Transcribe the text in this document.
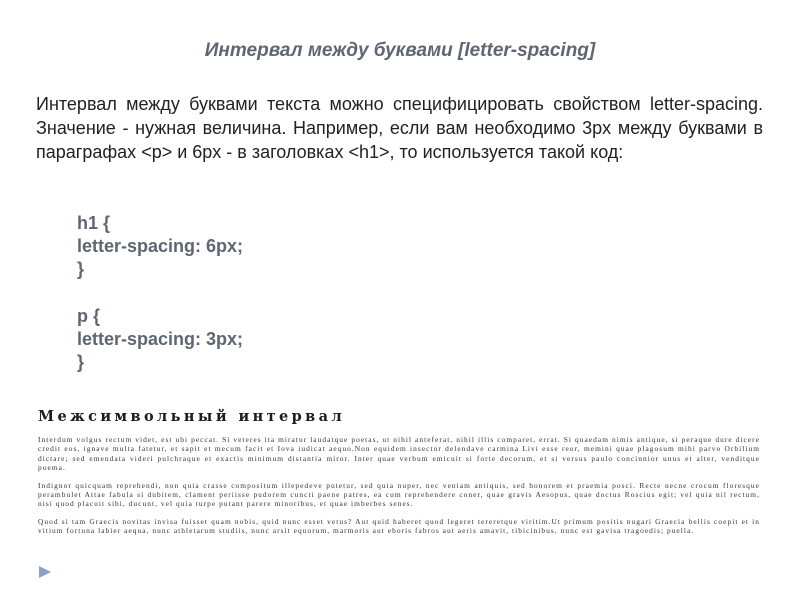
Интервал между буквами [letter-spacing]

Интервал между буквами текста можно специфицировать свойством letter-spacing. Значение - нужная величина. Например, если вам необходимо 3px между буквами в параграфах <p> и 6px - в заголовках <h1>, то используется такой код:

h1 {
letter-spacing: 6px;
}
p {
letter-spacing: 3px;
}
Межсимвольный интервал

Interdum volgus rectum videt, est ubi peccat. Si veteres ita miratur laudatque poetas, ut nihil anteferat, nihil illis comparet, errat. Si quaedam nimis antique, si peraque dure dicere credit eos, ignave multa fatetur, et sapit et mecum facit et Iova iudicat aequo.Non equidem insector delendave carmina Livi esse reor, memini quae plagosum mihi parvo Orbilium dictare; sed emendata videri pulchraque et exactis minimum distantia miror. Inter quae verbum emicuit si forte decorum, et si versus paulo concinnior unus et alter, venditque poema.

Indignor quicquam reprehendi, non quia crasse compositum illepedeve putetur, sed quia nuper, nec veniam antiquis, sed honorem et praemia posci. Recte necne crocum floresque perambulet Attae fabula si dubitem, clament periisse pudorem cuncti paene patres, ea cum reprehendere coner, quae gravis Aesopus, quae doctus Roscius egit; vel quia nil rectum, nisi quod placuit sibi, ducunt, vel quia turpe putant parere minoribus, et quae imberbes senes.

Quod si tam Graecis novitas invisa fuisset quam nobis, quid nunc esset vetus? Aut quid haberet quod legeret tereretque viritim.Ut primum positis nugari Graecia bellis coepit et in vitium fortuna labier aequa, nunc athletarum studiis, nunc arsit equorum, marmoris aut eboris fabros aut aeris amavit, tibicinibus, nunc est gavisa tragoedis; puella.
